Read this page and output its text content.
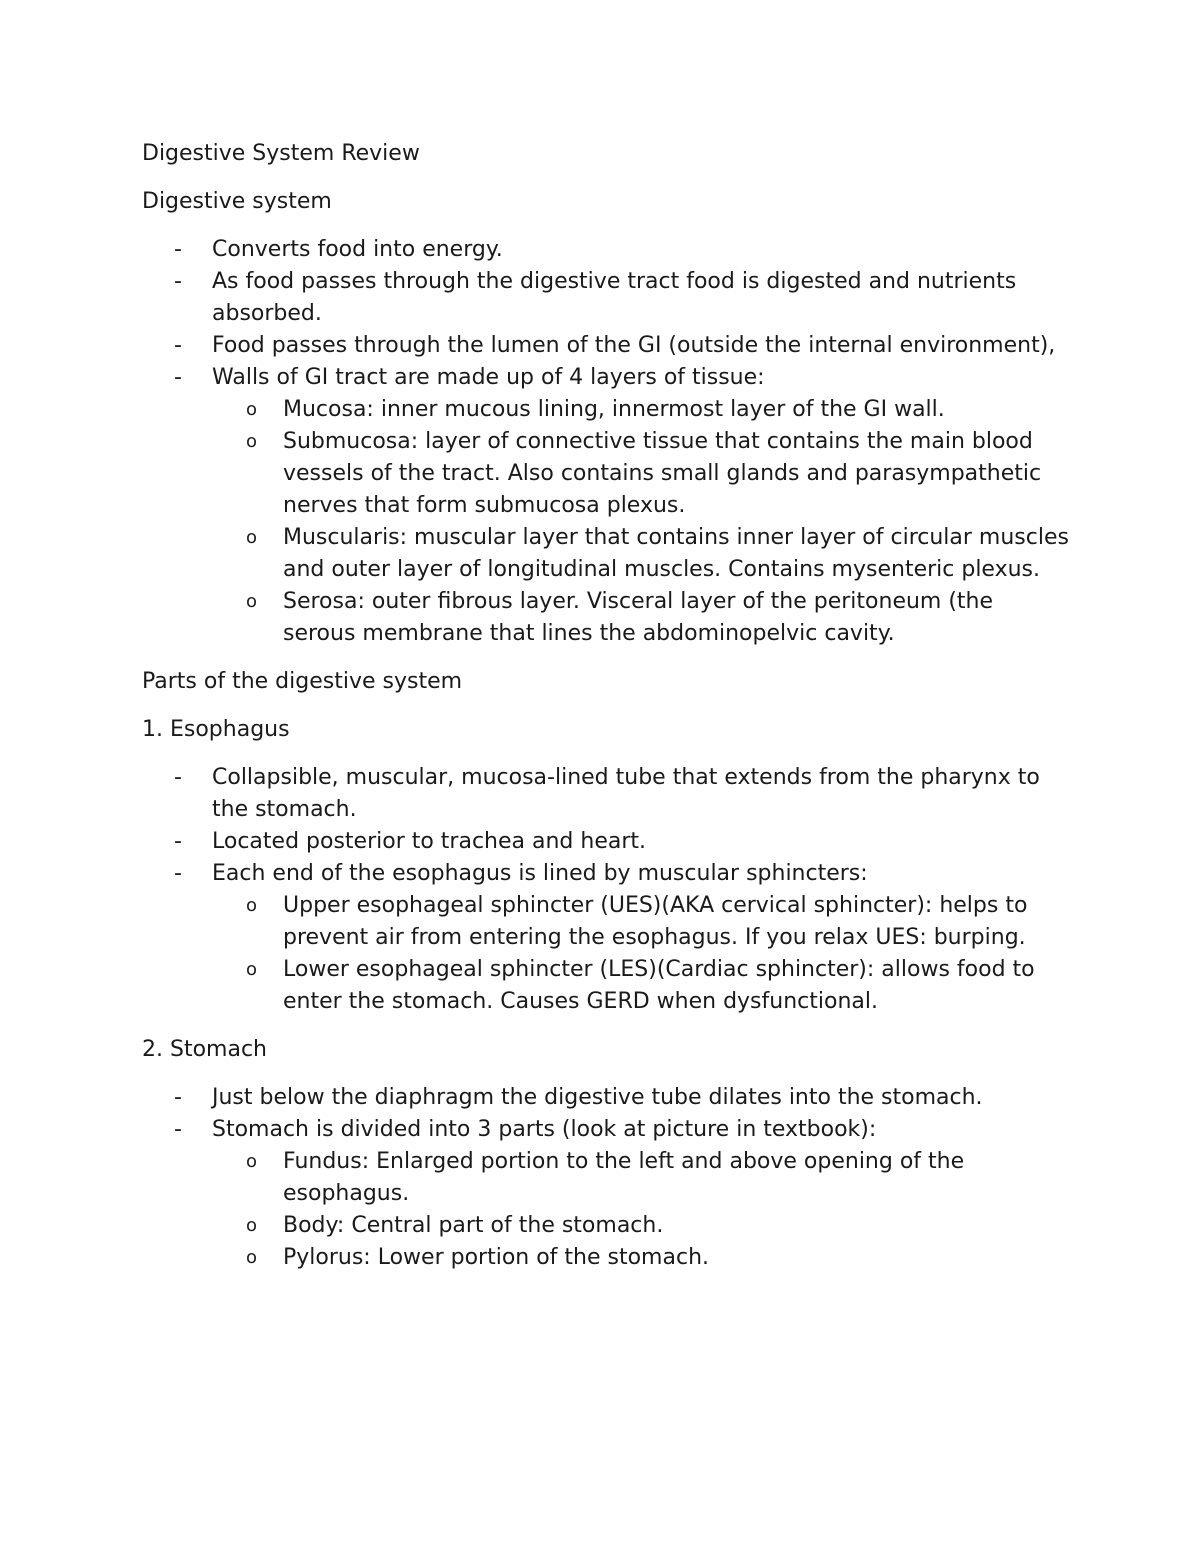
Digestive System Review

Digestive system

- Converts food into energy.
- As food passes through the digestive tract food is digested and nutrients absorbed.
- Food passes through the lumen of the GI (outside the internal environment),
- Walls of GI tract are made up of 4 layers of tissue:
o Mucosa: inner mucous lining, innermost layer of the GI wall.
o Submucosa: layer of connective tissue that contains the main blood vessels of the tract. Also contains small glands and parasympathetic nerves that form submucosa plexus.
o Muscularis: muscular layer that contains inner layer of circular muscles and outer layer of longitudinal muscles. Contains mysenteric plexus.
o Serosa: outer fibrous layer. Visceral layer of the peritoneum (the serous membrane that lines the abdominopelvic cavity.

Parts of the digestive system

1. Esophagus

- Collapsible, muscular, mucosa-lined tube that extends from the pharynx to the stomach.
- Located posterior to trachea and heart.
- Each end of the esophagus is lined by muscular sphincters:
o Upper esophageal sphincter (UES)(AKA cervical sphincter): helps to prevent air from entering the esophagus. If you relax UES: burping.
o Lower esophageal sphincter (LES)(Cardiac sphincter): allows food to enter the stomach. Causes GERD when dysfunctional.

2. Stomach

- Just below the diaphragm the digestive tube dilates into the stomach.
- Stomach is divided into 3 parts (look at picture in textbook):
o Fundus: Enlarged portion to the left and above opening of the esophagus.
o Body: Central part of the stomach.
o Pylorus: Lower portion of the stomach.
